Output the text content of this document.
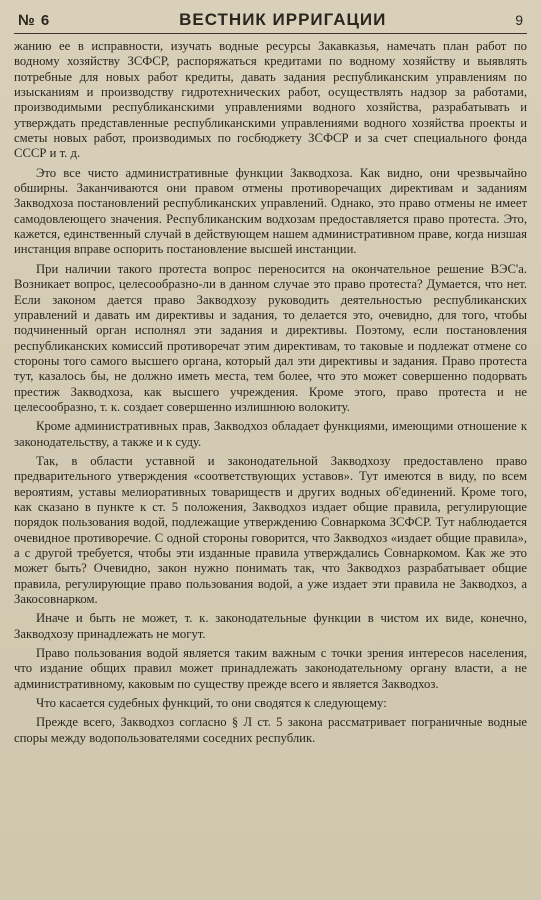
№ 6	ВЕСТНИК ИРРИГАЦИИ	9

жанию ее в исправности, изучать водные ресурсы Закавказья, намечать план работ по водному хозяйству ЗСФСР, распоряжаться кредитами по водному хозяйству и выявлять потребные для новых работ кредиты, давать задания республиканским управлениям по изысканиям и производству гидротехнических работ, осуществлять надзор за работами, производимыми республиканскими управлениями водного хозяйства, разрабатывать и утверждать представленные республиканскими управлениями водного хозяйства проекты и сметы новых работ, производимых по госбюджету ЗСФСР и за счет специального фонда СССР и т. д.

Это все чисто административные функции Закводхоза. Как видно, они чрезвычайно обширны. Заканчиваются они правом отмены противоречащих директивам и заданиям Закводхоза постановлений республиканских управлений. Однако, это право отмены не имеет самодовлеющего значения. Республиканским водхозам предоставляется право протеста. Это, кажется, единственный случай в действующем нашем административном праве, когда низшая инстанция вправе оспорить постановление высшей инстанции.

При наличии такого протеста вопрос переносится на окончательное решение ВЭС'а. Возникает вопрос, целесообразно-ли в данном случае это право протеста? Думается, что нет. Если законом дается право Закводхозу руководить деятельностью республиканских управлений и давать им директивы и задания, то делается это, очевидно, для того, чтобы подчиненный орган исполнял эти задания и директивы. Поэтому, если постановления республиканских комиссий противоречат этим директивам, то таковые и подлежат отмене со стороны того самого высшего органа, который дал эти директивы и задания. Право протеста тут, казалось бы, не должно иметь места, тем более, что это может совершенно подорвать престиж Закводхоза, как высшего учреждения. Кроме этого, право протеста и не целесообразно, т. к. создает совершенно излишнюю волокиту.

Кроме административных прав, Закводхоз обладает функциями, имеющими отношение к законодательству, а также и к суду.

Так, в области уставной и законодательной Закводхозу предоставлено право предварительного утверждения «соответствующих уставов». Тут имеются в виду, по всем вероятиям, уставы мелиоративных товариществ и других водных об'единений. Кроме того, как сказано в пункте к ст. 5 положения, Закводхоз издает общие правила, регулирующие порядок пользования водой, подлежащие утверждению Совнаркома ЗСФСР. Тут наблюдается очевидное противоречие. С одной стороны говорится, что Закводхоз «издает общие правила», а с другой требуется, чтобы эти изданные правила утверждались Совнаркомом. Как же это может быть? Очевидно, закон нужно понимать так, что Закводхоз разрабатывает общие правила, регулирующие право пользования водой, а уже издает эти правила не Закводхоз, а Закосовнарком.

Иначе и быть не может, т. к. законодательные функции в чистом их виде, конечно, Закводхозу принадлежать не могут.

Право пользования водой является таким важным с точки зрения интересов населения, что издание общих правил может принадлежать законодательному органу власти, а не административному, каковым по существу прежде всего и является Закводхоз.

Что касается судебных функций, то они сводятся к следующему:

Прежде всего, Закводхоз согласно § Л ст. 5 закона рассматривает пограничные водные споры между водопользователями соседних республик.
